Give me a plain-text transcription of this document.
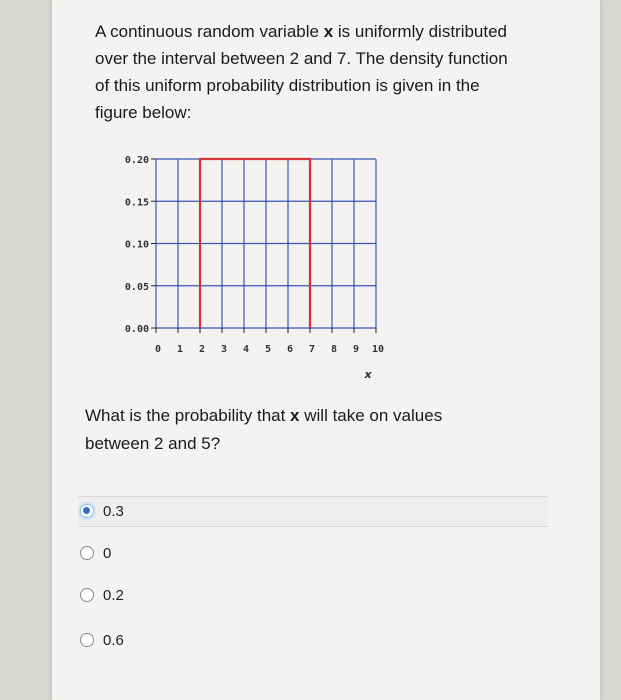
A continuous random variable x is uniformly distributed
over the interval between 2 and 7. The density function
of this uniform probability distribution is given in the
figure below:
0.00
0.05
0.10
0.15
0.20
0 1 2 3 4 5 6 7 8 9 10
x
What is the probability that x will take on values
between 2 and 5?
0.3
0
0.2
0.6
